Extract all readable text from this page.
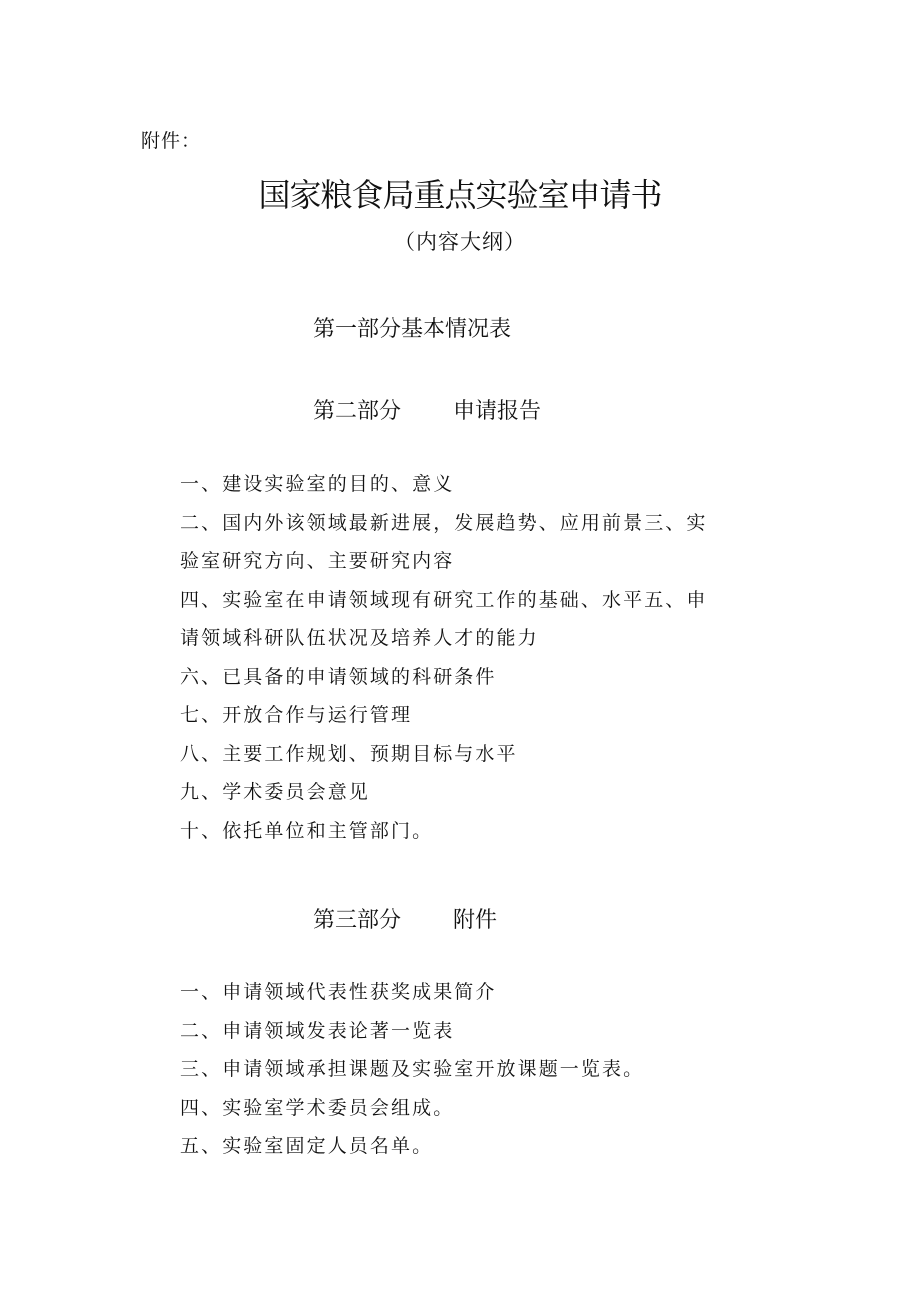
附件：
国家粮食局重点实验室申请书
（内容大纲）
第一部分基本情况表
第二部分 申请报告
一、建设实验室的目的、意义
二、国内外该领域最新进展，发展趋势、应用前景三、实
验室研究方向、主要研究内容
四、实验室在申请领域现有研究工作的基础、水平五、申
请领域科研队伍状况及培养人才的能力
六、已具备的申请领域的科研条件
七、开放合作与运行管理
八、主要工作规划、预期目标与水平
九、学术委员会意见
十、依托单位和主管部门。
第三部分 附件
一、申请领域代表性获奖成果简介
二、申请领域发表论著一览表
三、申请领域承担课题及实验室开放课题一览表。
四、实验室学术委员会组成。
五、实验室固定人员名单。
